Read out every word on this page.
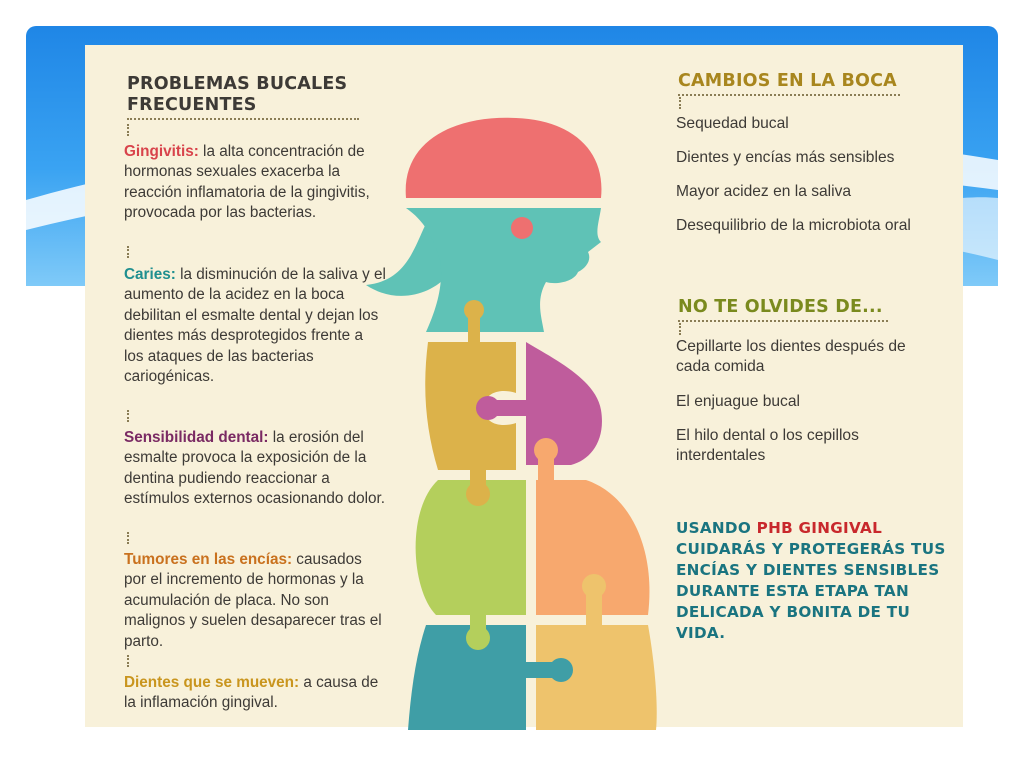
PROBLEMAS BUCALES
FRECUENTES
Gingivitis: la alta concentración de hormonas sexuales exacerba la reacción inflamatoria de la gingivitis, provocada por las bacterias.
Caries: la disminución de la saliva y el aumento de la acidez en la boca debilitan el esmalte dental y dejan los dientes más desprotegidos frente a los ataques de las bacterias cariogénicas.
Sensibilidad dental: la erosión del esmalte provoca la exposición de la dentina pudiendo reaccionar a estímulos externos ocasionando dolor.
Tumores en las encías: causados por el incremento de hormonas y la acumulación de placa. No son malignos y suelen desaparecer tras el parto.
Dientes que se mueven: a causa de la inflamación gingival.
CAMBIOS EN LA BOCA
Sequedad bucal
Dientes y encías más sensibles
Mayor acidez en la saliva
Desequilibrio de la microbiota oral
NO TE OLVIDES DE...
Cepillarte los dientes después de cada comida
El enjuague bucal
El hilo dental o los cepillos interdentales
USANDO PHB GINGIVAL CUIDARÁS Y PROTEGERÁS TUS ENCÍAS Y DIENTES SENSIBLES DURANTE ESTA ETAPA TAN DELICADA Y BONITA DE TU VIDA.
